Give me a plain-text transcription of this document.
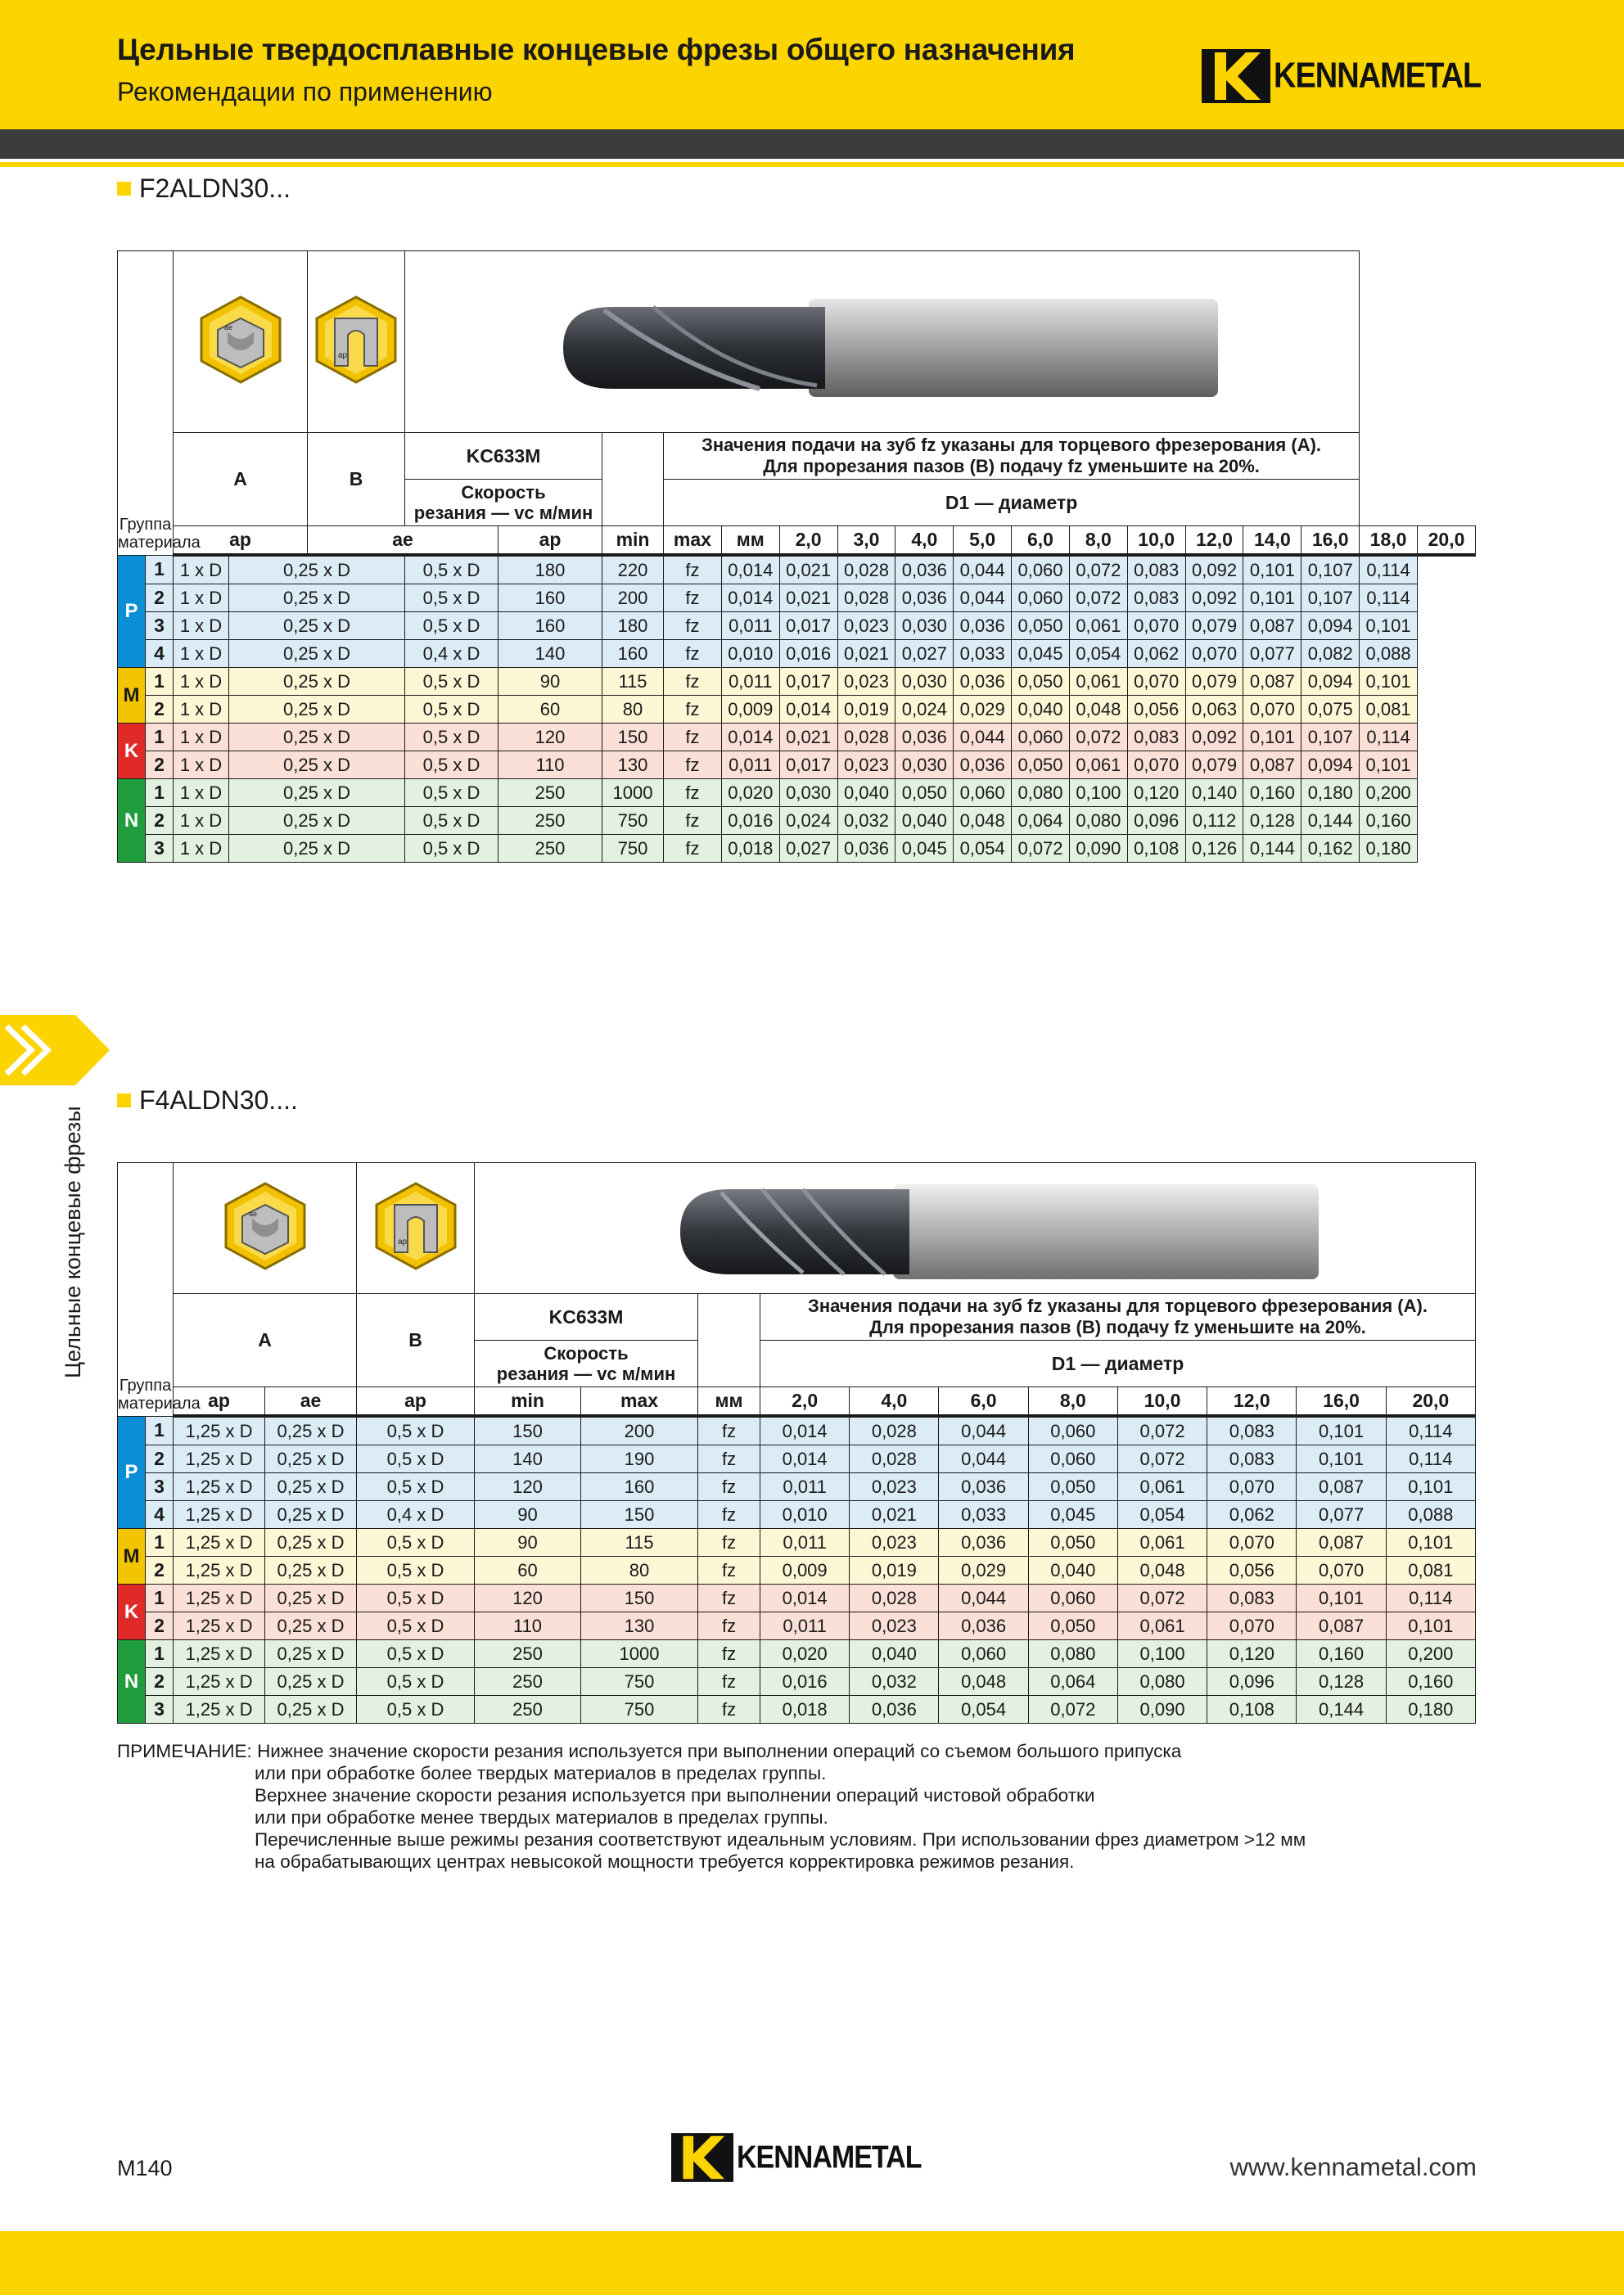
Цельные твердосплавные концевые фрезы общего назначения
Рекомендации по применению	KENNAMETAL
Цельные концевые фрезы
F2ALDN30...
Группа
материала		ae		ap

		A		B	KC633M			Значения подачи на зуб fz указаны для торцевого фрезерования (A).
Для прорезания пазов (B) подачу fz уменьшите на 20%.													

					Скорость
резания — vc м/мин			D1 — диаметр													
		ap		ae		ap	min	max	мм	2,0	3,0	4,0	5,0	6,0	8,0	10,0	12,0	14,0	16,0	18,0	20,0
P	1	1 x D	0,25 x D		0,5 x D	180	220	fz	0,014	0,021	0,028	0,036	0,044	0,060	0,072	0,083	0,092	0,101	0,107	0,114	
	2	1 x D	0,25 x D		0,5 x D	160	200	fz	0,014	0,021	0,028	0,036	0,044	0,060	0,072	0,083	0,092	0,101	0,107	0,114	
	3	1 x D	0,25 x D		0,5 x D	160	180	fz	0,011	0,017	0,023	0,030	0,036	0,050	0,061	0,070	0,079	0,087	0,094	0,101	
	4	1 x D	0,25 x D		0,4 x D	140	160	fz	0,010	0,016	0,021	0,027	0,033	0,045	0,054	0,062	0,070	0,077	0,082	0,088	
M	1	1 x D	0,25 x D		0,5 x D	90	115	fz	0,011	0,017	0,023	0,030	0,036	0,050	0,061	0,070	0,079	0,087	0,094	0,101	
	2	1 x D	0,25 x D		0,5 x D	60	80	fz	0,009	0,014	0,019	0,024	0,029	0,040	0,048	0,056	0,063	0,070	0,075	0,081	
K	1	1 x D	0,25 x D		0,5 x D	120	150	fz	0,014	0,021	0,028	0,036	0,044	0,060	0,072	0,083	0,092	0,101	0,107	0,114	
	2	1 x D	0,25 x D		0,5 x D	110	130	fz	0,011	0,017	0,023	0,030	0,036	0,050	0,061	0,070	0,079	0,087	0,094	0,101	
N	1	1 x D	0,25 x D		0,5 x D	250	1000	fz	0,020	0,030	0,040	0,050	0,060	0,080	0,100	0,120	0,140	0,160	0,180	0,200	
	2	1 x D	0,25 x D		0,5 x D	250	750	fz	0,016	0,024	0,032	0,040	0,048	0,064	0,080	0,096	0,112	0,128	0,144	0,160	
	3	1 x D	0,25 x D		0,5 x D	250	750	fz	0,018	0,027	0,036	0,045	0,054	0,072	0,090	0,108	0,126	0,144	0,162	0,180	
F4ALDN30....
Группа
материала		ae		ap

		A		B	KC633M			Значения подачи на зуб fz указаны для торцевого фрезерования (A).
Для прорезания пазов (B) подачу fz уменьшите на 20%.							

					Скорость
резания — vc м/мин			D1 — диаметр							
		ap	ae	ap	min	max	мм	2,0	4,0	6,0	8,0	10,0	12,0	16,0	20,0
P	1	1,25 x D	0,25 x D	0,5 x D	150	200	fz	0,014	0,028	0,044	0,060	0,072	0,083	0,101	0,114
	2	1,25 x D	0,25 x D	0,5 x D	140	190	fz	0,014	0,028	0,044	0,060	0,072	0,083	0,101	0,114
	3	1,25 x D	0,25 x D	0,5 x D	120	160	fz	0,011	0,023	0,036	0,050	0,061	0,070	0,087	0,101
	4	1,25 x D	0,25 x D	0,4 x D	90	150	fz	0,010	0,021	0,033	0,045	0,054	0,062	0,077	0,088
M	1	1,25 x D	0,25 x D	0,5 x D	90	115	fz	0,011	0,023	0,036	0,050	0,061	0,070	0,087	0,101
	2	1,25 x D	0,25 x D	0,5 x D	60	80	fz	0,009	0,019	0,029	0,040	0,048	0,056	0,070	0,081
K	1	1,25 x D	0,25 x D	0,5 x D	120	150	fz	0,014	0,028	0,044	0,060	0,072	0,083	0,101	0,114
	2	1,25 x D	0,25 x D	0,5 x D	110	130	fz	0,011	0,023	0,036	0,050	0,061	0,070	0,087	0,101
N	1	1,25 x D	0,25 x D	0,5 x D	250	1000	fz	0,020	0,040	0,060	0,080	0,100	0,120	0,160	0,200
	2	1,25 x D	0,25 x D	0,5 x D	250	750	fz	0,016	0,032	0,048	0,064	0,080	0,096	0,128	0,160
	3	1,25 x D	0,25 x D	0,5 x D	250	750	fz	0,018	0,036	0,054	0,072	0,090	0,108	0,144	0,180
ПРИМЕЧАНИЕ: Нижнее значение скорости резания используется при выполнении операций со съемом большого припуска
или при обработке более твердых материалов в пределах группы.
Верхнее значение скорости резания используется при выполнении операций чистовой обработки
или при обработке менее твердых материалов в пределах группы.
Перечисленные выше режимы резания соответствуют идеальным условиям. При использовании фрез диаметром >12 мм
на обрабатывающих центрах невысокой мощности требуется корректировка режимов резания.
M140	KENNAMETAL	www.kennametal.com
